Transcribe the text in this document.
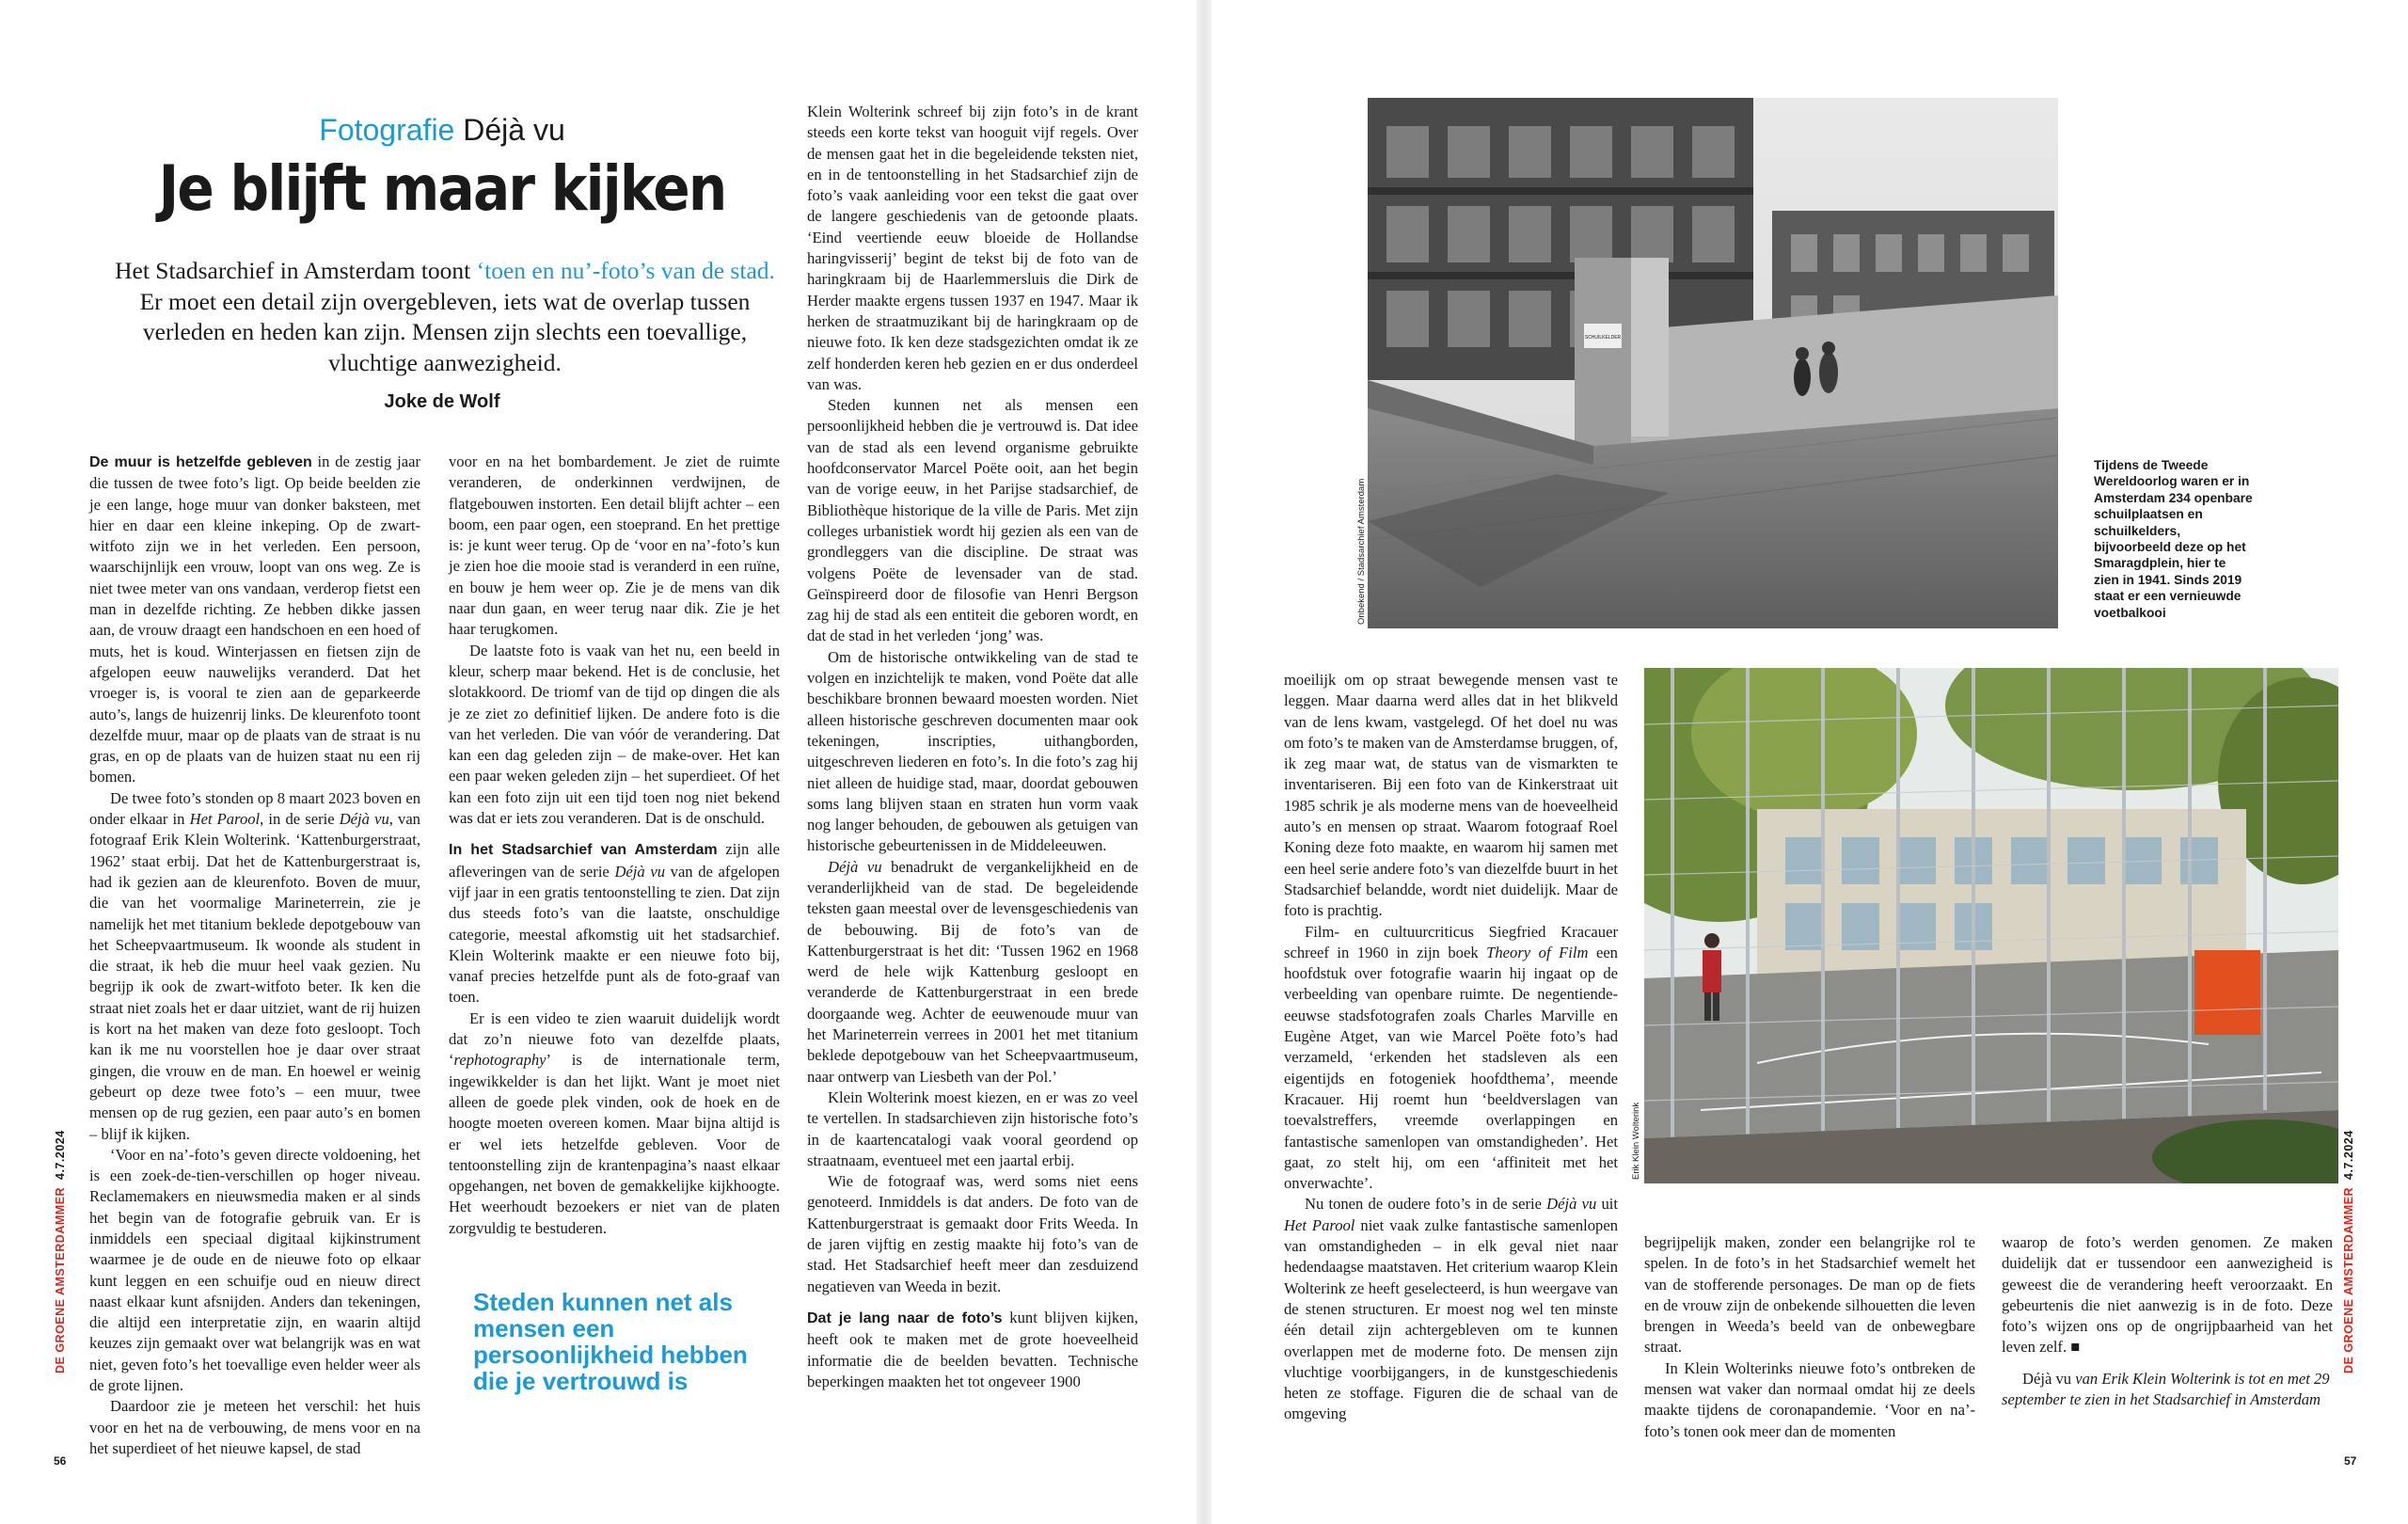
Fotografie Déjà vu
Je blijft maar kijken
Het Stadsarchief in Amsterdam toont ‘toen en nu’-foto’s van de stad. Er moet een detail zijn overgebleven, iets wat de overlap tussen verleden en heden kan zijn. Mensen zijn slechts een toevallige, vluchtige aanwezigheid.
Joke de Wolf

De muur is hetzelfde gebleven in de zestig jaar die tussen de twee foto’s ligt. Op beide beelden zie je een lange, hoge muur van donker baksteen, met hier en daar een kleine inkeping. Op de zwart-witfoto zijn we in het verleden. Een persoon, waarschijnlijk een vrouw, loopt van ons weg. Ze is niet twee meter van ons vandaan, verderop fietst een man in dezelfde richting. Ze hebben dikke jassen aan, de vrouw draagt een handschoen en een hoed of muts, het is koud. Winterjassen en fietsen zijn de afgelopen eeuw nauwelijks veranderd. Dat het vroeger is, is vooral te zien aan de geparkeerde auto’s, langs de huizenrij links. De kleurenfoto toont dezelfde muur, maar op de plaats van de straat is nu gras, en op de plaats van de huizen staat nu een rij bomen.

De twee foto’s stonden op 8 maart 2023 boven en onder elkaar in Het Parool, in de serie Déjà vu, van fotograaf Erik Klein Wolterink. ‘Kattenburgerstraat, 1962’ staat erbij. Dat het de Kattenburgerstraat is, had ik gezien aan de kleurenfoto. Boven de muur, die van het voormalige Marineterrein, zie je namelijk het met titanium beklede depotgebouw van het Scheepvaartmuseum. Ik woonde als student in die straat, ik heb die muur heel vaak gezien. Nu begrijp ik ook de zwart-witfoto beter. Ik ken die straat niet zoals het er daar uitziet, want de rij huizen is kort na het maken van deze foto gesloopt. Toch kan ik me nu voorstellen hoe je daar over straat gingen, die vrouw en de man. En hoewel er weinig gebeurt op deze twee foto’s – een muur, twee mensen op de rug gezien, een paar auto’s en bomen – blijf ik kijken.

‘Voor en na’-foto’s geven directe voldoening, het is een zoek-de-tien-verschillen op hoger niveau. Reclamemakers en nieuwsmedia maken er al sinds het begin van de fotografie gebruik van. Er is inmiddels een speciaal digitaal kijkinstrument waarmee je de oude en de nieuwe foto op elkaar kunt leggen en een schuifje oud en nieuw direct naast elkaar kunt afsnijden. Anders dan tekeningen, die altijd een interpretatie zijn, en waarin altijd keuzes zijn gemaakt over wat belangrijk was en wat niet, geven foto’s het toevallige even helder weer als de grote lijnen.

Daardoor zie je meteen het verschil: het huis voor en het na de verbouwing, de mens voor en na het superdieet of het nieuwe kapsel, de stad

voor en na het bombardement. Je ziet de ruimte veranderen, de onderkinnen verdwijnen, de flatgebouwen instorten. Een detail blijft achter – een boom, een paar ogen, een stoeprand. En het prettige is: je kunt weer terug. Op de ‘voor en na’-foto’s kun je zien hoe die mooie stad is veranderd in een ruïne, en bouw je hem weer op. Zie je de mens van dik naar dun gaan, en weer terug naar dik. Zie je het haar terugkomen.

De laatste foto is vaak van het nu, een beeld in kleur, scherp maar bekend. Het is de conclusie, het slotakkoord. De triomf van de tijd op dingen die als je ze ziet zo definitief lijken. De andere foto is die van het verleden. Die van vóór de verandering. Dat kan een dag geleden zijn – de make-over. Het kan een paar weken geleden zijn – het superdieet. Of het kan een foto zijn uit een tijd toen nog niet bekend was dat er iets zou veranderen. Dat is de onschuld.

In het Stadsarchief van Amsterdam zijn alle afleveringen van de serie Déjà vu van de afgelopen vijf jaar in een gratis tentoonstelling te zien. Dat zijn dus steeds foto’s van die laatste, onschuldige categorie, meestal afkomstig uit het stadsarchief. Klein Wolterink maakte er een nieuwe foto bij, vanaf precies hetzelfde punt als de foto-graaf van toen.

Er is een video te zien waaruit duidelijk wordt dat zo’n nieuwe foto van dezelfde plaats, ‘rephotography’ is de internationale term, ingewikkelder is dan het lijkt. Want je moet niet alleen de goede plek vinden, ook de hoek en de hoogte moeten overeen komen. Maar bijna altijd is er wel iets hetzelfde gebleven. Voor de tentoonstelling zijn de krantenpagina’s naast elkaar opgehangen, net boven de gemakkelijke kijkhoogte. Het weerhoudt bezoekers er niet van de platen zorgvuldig te bestuderen.

Steden kunnen net als mensen een persoonlijkheid hebben die je vertrouwd is

Klein Wolterink schreef bij zijn foto’s in de krant steeds een korte tekst van hooguit vijf regels. Over de mensen gaat het in die begeleidende teksten niet, en in de tentoonstelling in het Stadsarchief zijn de foto’s vaak aanleiding voor een tekst die gaat over de langere geschiedenis van de getoonde plaats. ‘Eind veertiende eeuw bloeide de Hollandse haringvisserij’ begint de tekst bij de foto van de haringkraam bij de Haarlemmersluis die Dirk de Herder maakte ergens tussen 1937 en 1947. Maar ik herken de straatmuzikant bij de haringkraam op de nieuwe foto. Ik ken deze stadsgezichten omdat ik ze zelf honderden keren heb gezien en er dus onderdeel van was.

Steden kunnen net als mensen een persoonlijkheid hebben die je vertrouwd is. Dat idee van de stad als een levend organisme gebruikte hoofdconservator Marcel Poëte ooit, aan het begin van de vorige eeuw, in het Parijse stadsarchief, de Bibliothèque historique de la ville de Paris. Met zijn colleges urbanistiek wordt hij gezien als een van de grondleggers van die discipline. De straat was volgens Poëte de levensader van de stad. Geïnspireerd door de filosofie van Henri Bergson zag hij de stad als een entiteit die geboren wordt, en dat de stad in het verleden ‘jong’ was.

Om de historische ontwikkeling van de stad te volgen en inzichtelijk te maken, vond Poëte dat alle beschikbare bronnen bewaard moesten worden. Niet alleen historische geschreven documenten maar ook tekeningen, inscripties, uithangborden, uitgeschreven liederen en foto’s. In die foto’s zag hij niet alleen de huidige stad, maar, doordat gebouwen soms lang blijven staan en straten hun vorm vaak nog langer behouden, de gebouwen als getuigen van historische gebeurtenissen in de Middeleeuwen.

Déjà vu benadrukt de vergankelijkheid en de veranderlijkheid van de stad. De begeleidende teksten gaan meestal over de levensgeschiedenis van de bebouwing. Bij de foto’s van de Kattenburgerstraat is het dit: ‘Tussen 1962 en 1968 werd de hele wijk Kattenburg gesloopt en veranderde de Kattenburgerstraat in een brede doorgaande weg. Achter de eeuwenoude muur van het Marineterrein verrees in 2001 het met titanium beklede depotgebouw van het Scheepvaartmuseum, naar ontwerp van Liesbeth van der Pol.’

Klein Wolterink moest kiezen, en er was zo veel te vertellen. In stadsarchieven zijn historische foto’s in de kaartencatalogi vaak vooral geordend op straatnaam, eventueel met een jaartal erbij.

Wie de fotograaf was, werd soms niet eens genoteerd. Inmiddels is dat anders. De foto van de Kattenburgerstraat is gemaakt door Frits Weeda. In de jaren vijftig en zestig maakte hij foto’s van de stad. Het Stadsarchief heeft meer dan zesduizend negatieven van Weeda in bezit.

Dat je lang naar de foto’s kunt blijven kijken, heeft ook te maken met de grote hoeveelheid informatie die de beelden bevatten. Technische beperkingen maakten het tot ongeveer 1900

DE GROENE AMSTERDAMMER4.7.2024
56
DE GROENE AMSTERDAMMER4.7.2024
57
SCHUILKELDER
Onbekend / Stadsarchief Amsterdam
Tijdens de Tweede Wereldoorlog waren er in Amsterdam 234 openbare schuilplaatsen en schuilkelders, bijvoorbeeld deze op het Smaragdplein, hier te zien in 1941. Sinds 2019 staat er een vernieuwde voetbalkooi
Erik Klein Wolterink

moeilijk om op straat bewegende mensen vast te leggen. Maar daarna werd alles dat in het blikveld van de lens kwam, vastgelegd. Of het doel nu was om foto’s te maken van de Amsterdamse bruggen, of, ik zeg maar wat, de status van de vismarkten te inventariseren. Bij een foto van de Kinkerstraat uit 1985 schrik je als moderne mens van de hoeveelheid auto’s en mensen op straat. Waarom fotograaf Roel Koning deze foto maakte, en waarom hij samen met een heel serie andere foto’s van diezelfde buurt in het Stadsarchief belandde, wordt niet duidelijk. Maar de foto is prachtig.

Film- en cultuurcriticus Siegfried Kracauer schreef in 1960 in zijn boek Theory of Film een hoofdstuk over fotografie waarin hij ingaat op de verbeelding van openbare ruimte. De negentiende-eeuwse stadsfotografen zoals Charles Marville en Eugène Atget, van wie Marcel Poëte foto’s had verzameld, ‘erkenden het stadsleven als een eigentijds en fotogeniek hoofdthema’, meende Kracauer. Hij roemt hun ‘beeldverslagen van toevalstreffers, vreemde overlappingen en fantastische samenlopen van omstandigheden’. Het gaat, zo stelt hij, om een ‘affiniteit met het onverwachte’.

Nu tonen de oudere foto’s in de serie Déjà vu uit Het Parool niet vaak zulke fantastische samenlopen van omstandigheden – in elk geval niet naar hedendaagse maatstaven. Het criterium waarop Klein Wolterink ze heeft geselecteerd, is hun weergave van de stenen structuren. Er moest nog wel ten minste één detail zijn achtergebleven om te kunnen overlappen met de moderne foto. De mensen zijn vluchtige voorbijgangers, in de kunstgeschiedenis heten ze stoffage. Figuren die de schaal van de omgeving

begrijpelijk maken, zonder een belangrijke rol te spelen. In de foto’s in het Stadsarchief wemelt het van de stofferende personages. De man op de fiets en de vrouw zijn de onbekende silhouetten die leven brengen in Weeda’s beeld van de onbewegbare straat.

In Klein Wolterinks nieuwe foto’s ontbreken de mensen wat vaker dan normaal omdat hij ze deels maakte tijdens de coronapandemie. ‘Voor en na’-foto’s tonen ook meer dan de momenten

waarop de foto’s werden genomen. Ze maken duidelijk dat er tussendoor een aanwezigheid is geweest die de verandering heeft veroorzaakt. En gebeurtenis die niet aanwezig is in de foto. Deze foto’s wijzen ons op de ongrijpbaarheid van het leven zelf. ■

Déjà vu van Erik Klein Wolterink is tot en met 29 september te zien in het Stadsarchief in Amsterdam
